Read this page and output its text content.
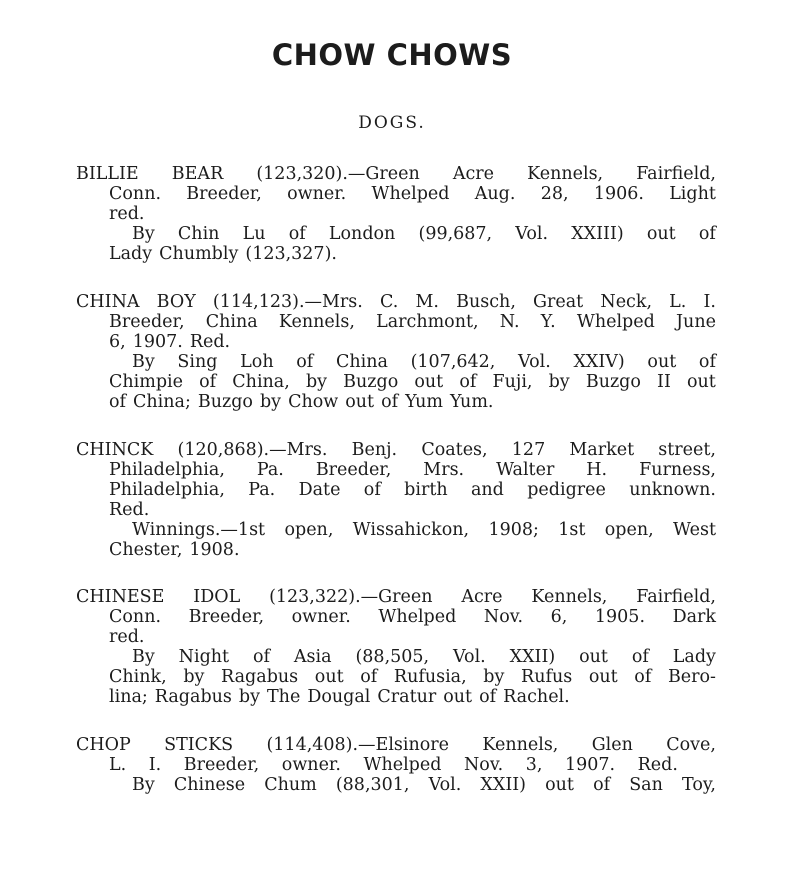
CHOW CHOWS
DOGS.
BILLIE BEAR (123,320).—Green Acre Kennels, Fairfield,
Conn. Breeder, owner. Whelped Aug. 28, 1906. Light
red.
By Chin Lu of London (99,687, Vol. XXIII) out of
Lady Chumbly (123,327).
CHINA BOY (114,123).—Mrs. C. M. Busch, Great Neck, L. I.
Breeder, China Kennels, Larchmont, N. Y. Whelped June
6, 1907. Red.
By Sing Loh of China (107,642, Vol. XXIV) out of
Chimpie of China, by Buzgo out of Fuji, by Buzgo II out
of China; Buzgo by Chow out of Yum Yum.
CHINCK (120,868).—Mrs. Benj. Coates, 127 Market street,
Philadelphia, Pa. Breeder, Mrs. Walter H. Furness,
Philadelphia, Pa. Date of birth and pedigree unknown.
Red.
Winnings.—1st open, Wissahickon, 1908; 1st open, West
Chester, 1908.
CHINESE IDOL (123,322).—Green Acre Kennels, Fairfield,
Conn. Breeder, owner. Whelped Nov. 6, 1905. Dark
red.
By Night of Asia (88,505, Vol. XXII) out of Lady
Chink, by Ragabus out of Rufusia, by Rufus out of Bero-
lina; Ragabus by The Dougal Cratur out of Rachel.
CHOP STICKS (114,408).—Elsinore Kennels, Glen Cove,
L. I. Breeder, owner. Whelped Nov. 3, 1907. Red.
By Chinese Chum (88,301, Vol. XXII) out of San Toy,
